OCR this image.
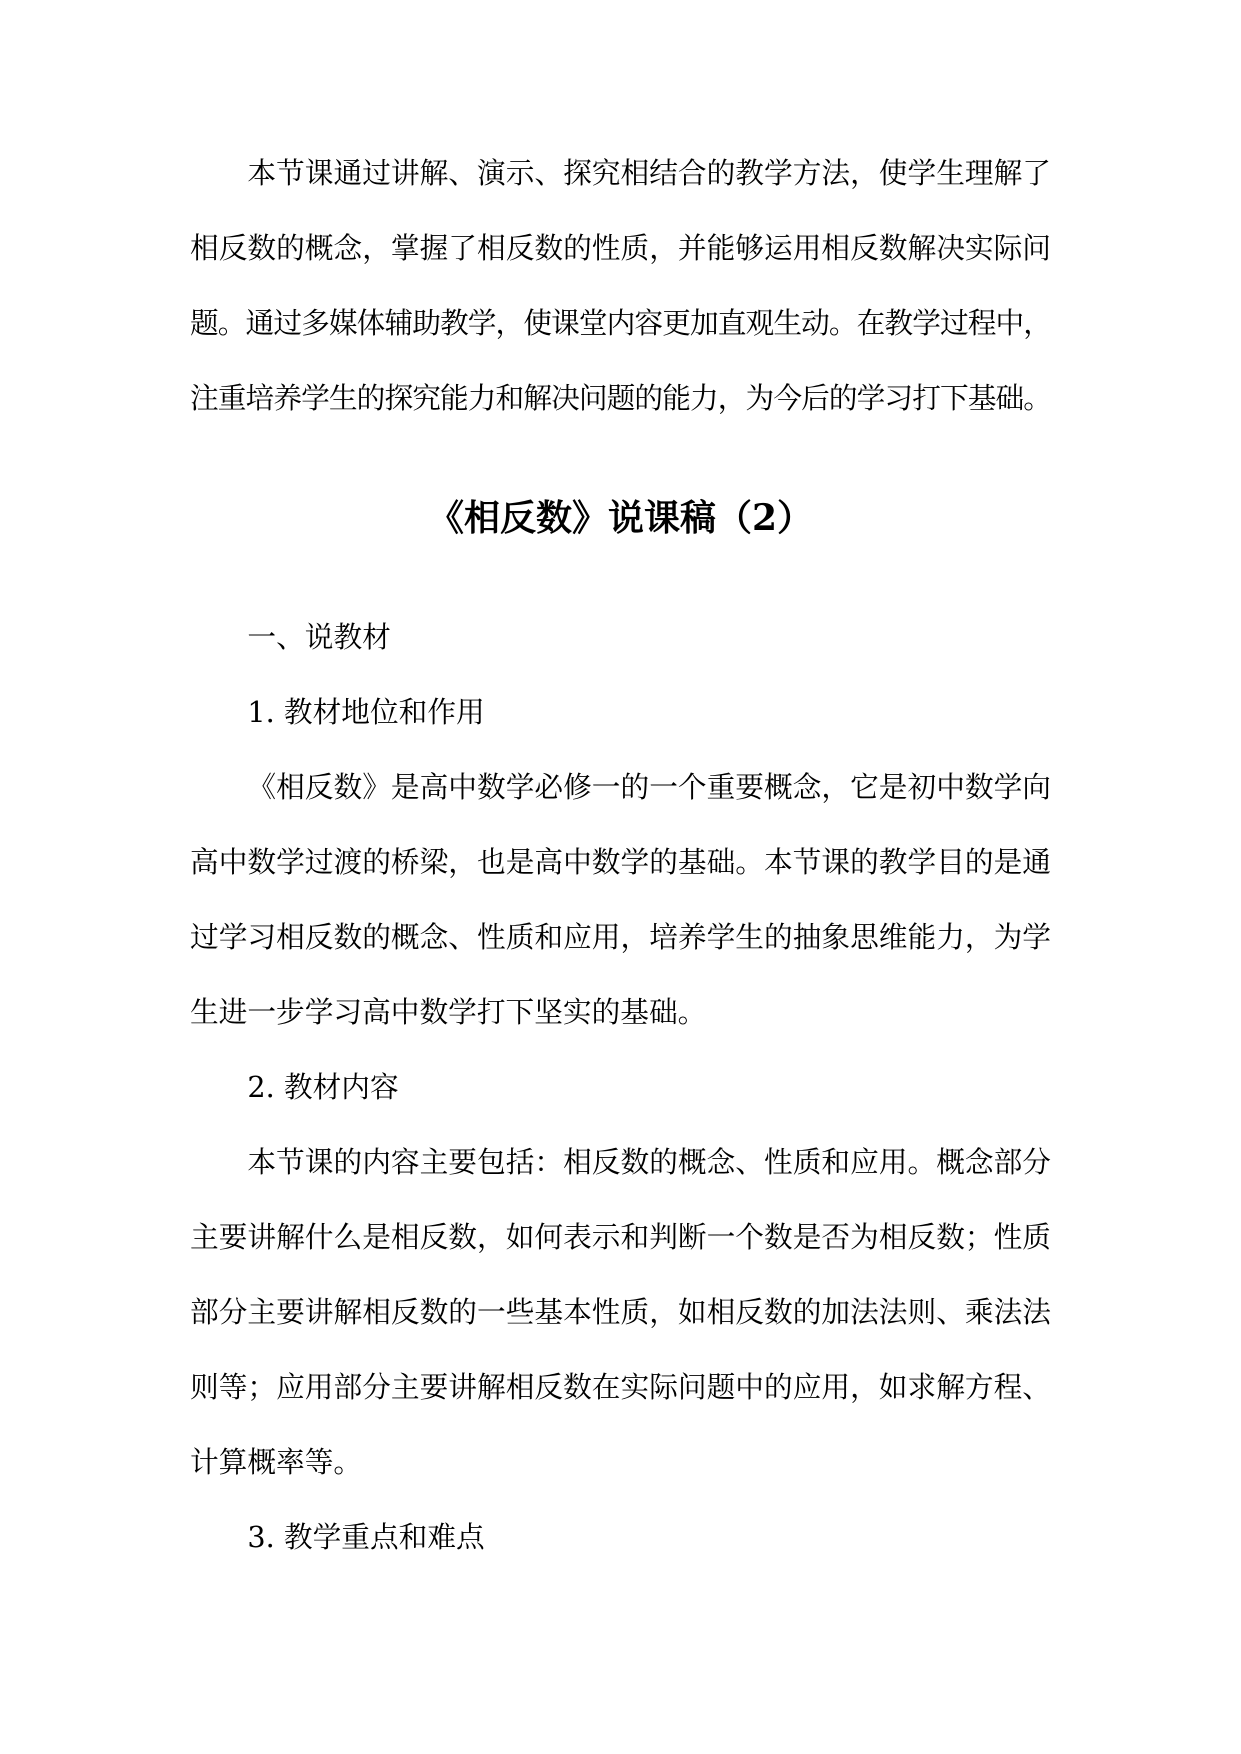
本节课通过讲解、演示、探究相结合的教学方法，使学生理解了
相反数的概念，掌握了相反数的性质，并能够运用相反数解决实际问
题。通过多媒体辅助教学，使课堂内容更加直观生动。在教学过程中，
注重培养学生的探究能力和解决问题的能力，为今后的学习打下基础。
《相反数》说课稿（2）
一、说教材
1. 教材地位和作用
《相反数》是高中数学必修一的一个重要概念，它是初中数学向
高中数学过渡的桥梁，也是高中数学的基础。本节课的教学目的是通
过学习相反数的概念、性质和应用，培养学生的抽象思维能力，为学
生进一步学习高中数学打下坚实的基础。
2. 教材内容
本节课的内容主要包括：相反数的概念、性质和应用。概念部分
主要讲解什么是相反数，如何表示和判断一个数是否为相反数；性质
部分主要讲解相反数的一些基本性质，如相反数的加法法则、乘法法
则等；应用部分主要讲解相反数在实际问题中的应用，如求解方程、
计算概率等。
3. 教学重点和难点
